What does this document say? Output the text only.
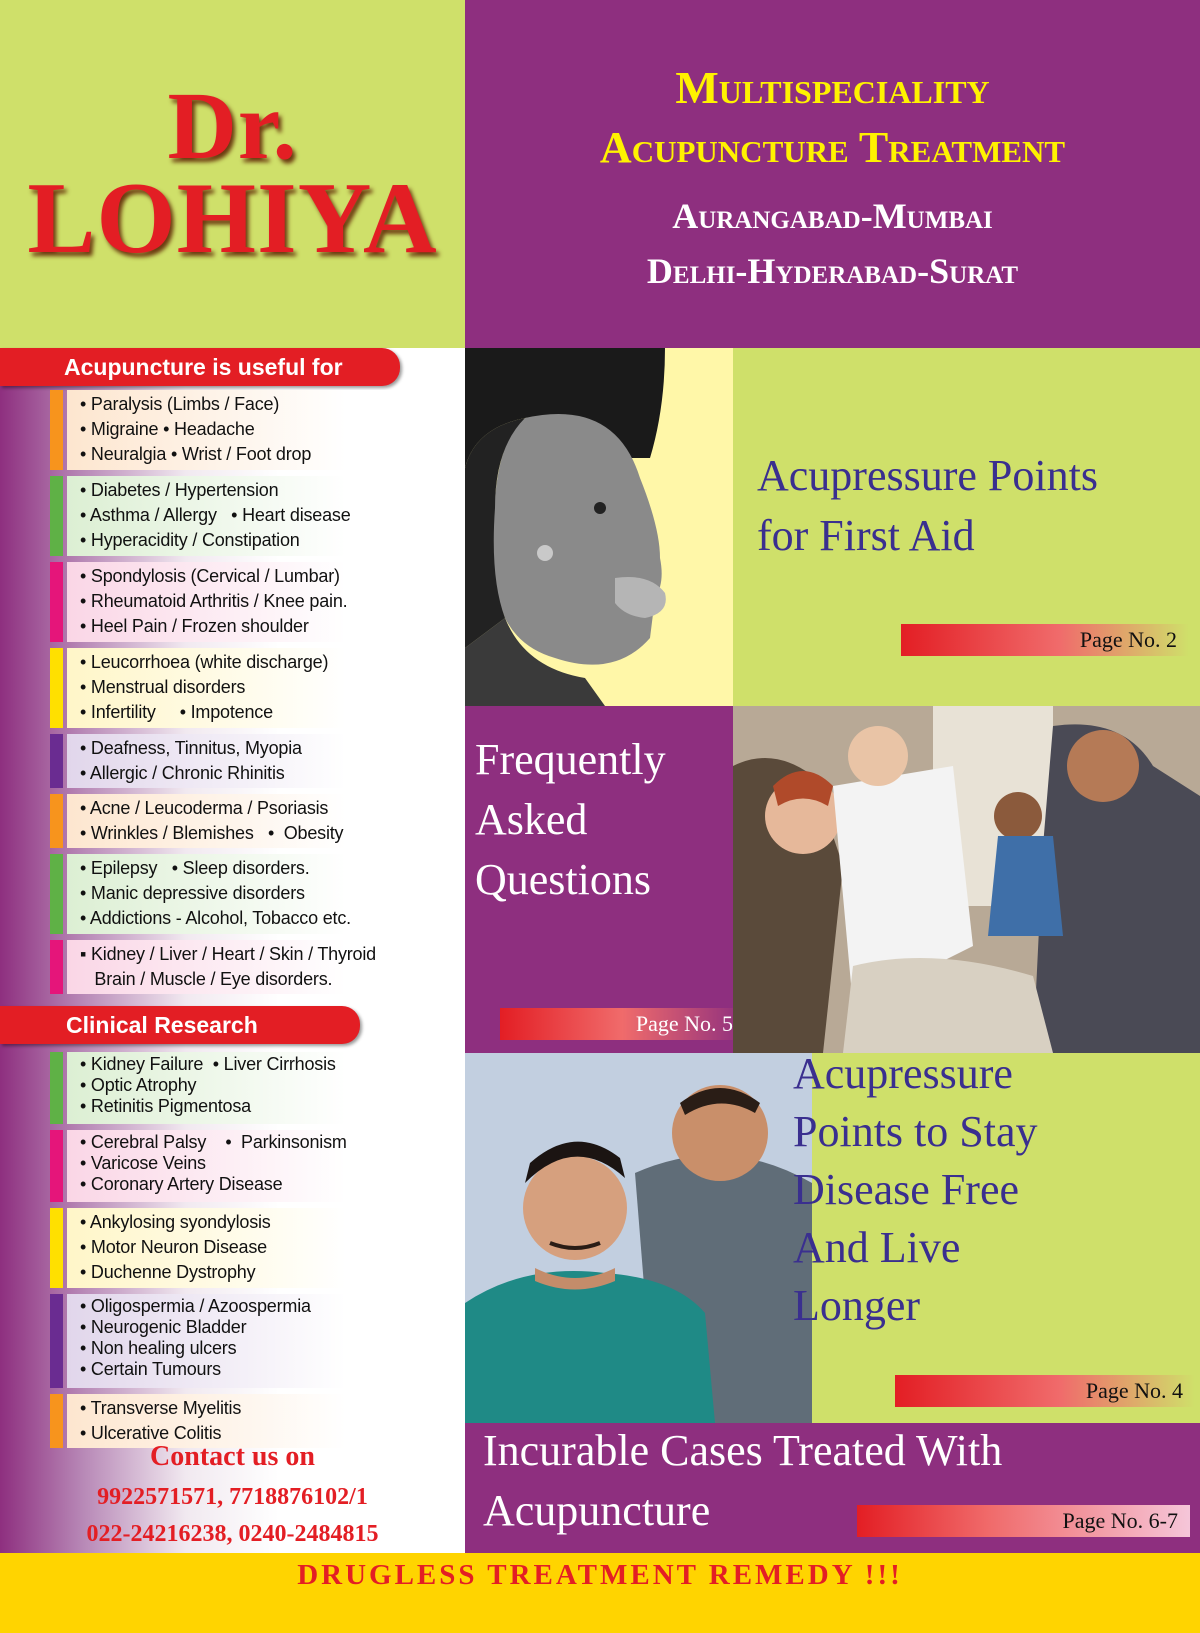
Dr.
LOHIYA
Multispeciality
Acupuncture Treatment
Aurangabad-Mumbai
Delhi-Hyderabad-Surat
Acupuncture is useful for
• Paralysis (Limbs / Face)
• Migraine • Headache
• Neuralgia • Wrist / Foot drop
• Diabetes / Hypertension
• Asthma / Allergy   • Heart disease
• Hyperacidity / Constipation
• Spondylosis (Cervical / Lumbar)
• Rheumatoid Arthritis / Knee pain.
• Heel Pain / Frozen shoulder
• Leucorrhoea (white discharge)
• Menstrual disorders
• Infertility     • Impotence
• Deafness, Tinnitus, Myopia
• Allergic / Chronic Rhinitis
• Acne / Leucoderma / Psoriasis
• Wrinkles / Blemishes   •  Obesity
• Epilepsy   • Sleep disorders.
• Manic depressive disorders
• Addictions - Alcohol, Tobacco etc.
▪ Kidney / Liver / Heart / Skin / Thyroid
Brain / Muscle / Eye disorders.
Clinical Research
• Kidney Failure  • Liver Cirrhosis
• Optic Atrophy
• Retinitis Pigmentosa
• Cerebral Palsy    •  Parkinsonism
• Varicose Veins
• Coronary Artery Disease
• Ankylosing syondylosis
• Motor Neuron Disease
• Duchenne Dystrophy
• Oligospermia / Azoospermia
• Neurogenic Bladder
• Non healing ulcers
• Certain Tumours
• Transverse Myelitis
• Ulcerative Colitis
Contact us on
9922571571, 7718876102/1
022-24216238, 0240-2484815
Acupressure Points
for First Aid
Page No. 2
Frequently
Asked
Questions
Page No. 5
Acupressure
Points to Stay
Disease Free
And Live
Longer
Page No. 4
Incurable Cases Treated With
Acupuncture	Page No. 6-7
DRUGLESS TREATMENT REMEDY !!!
